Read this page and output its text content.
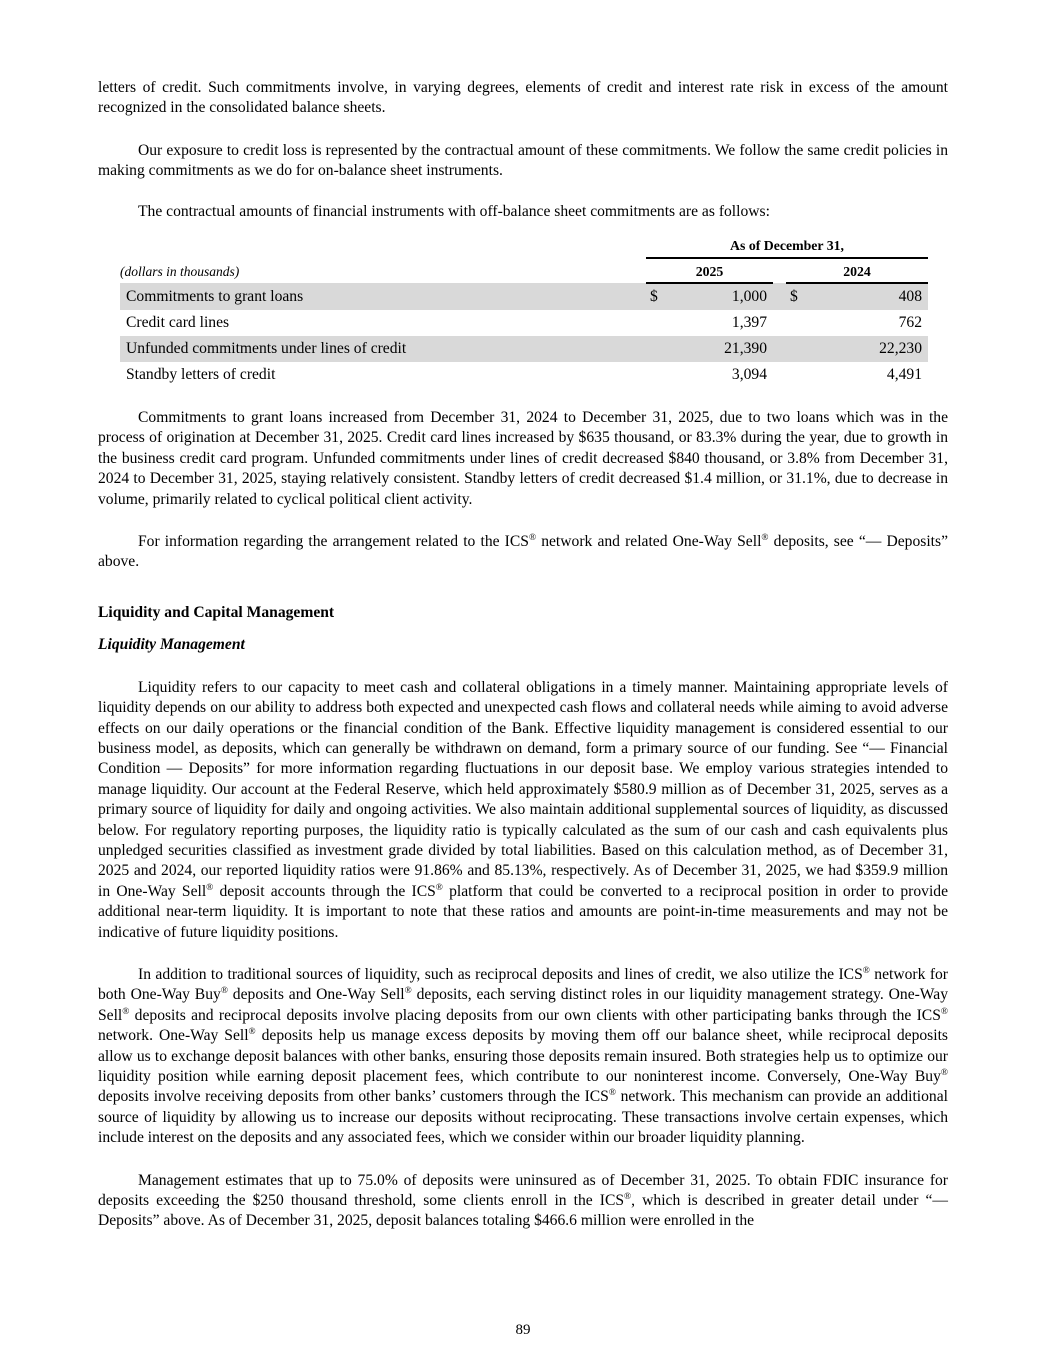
letters of credit. Such commitments involve, in varying degrees, elements of credit and interest rate risk in excess of the amount recognized in the consolidated balance sheets.

Our exposure to credit loss is represented by the contractual amount of these commitments. We follow the same credit policies in making commitments as we do for on-balance sheet instruments.

The contractual amounts of financial instruments with off-balance sheet commitments are as follows:

	As of December 31,				
(dollars in thousands)	2025			2024	
Commitments to grant loans	$	1,000		$	408
Credit card lines		1,397			762
Unfunded commitments under lines of credit		21,390			22,230
Standby letters of credit		3,094			4,491

Commitments to grant loans increased from December 31, 2024 to December 31, 2025, due to two loans which was in the process of origination at December 31, 2025. Credit card lines increased by $635 thousand, or 83.3% during the year, due to growth in the business credit card program. Unfunded commitments under lines of credit decreased $840 thousand, or 3.8% from December 31, 2024 to December 31, 2025, staying relatively consistent. Standby letters of credit decreased $1.4 million, or 31.1%, due to decrease in volume, primarily related to cyclical political client activity.

For information regarding the arrangement related to the ICS® network and related One-Way Sell® deposits, see “— Deposits” above.

Liquidity and Capital Management
Liquidity Management

Liquidity refers to our capacity to meet cash and collateral obligations in a timely manner. Maintaining appropriate levels of liquidity depends on our ability to address both expected and unexpected cash flows and collateral needs while aiming to avoid adverse effects on our daily operations or the financial condition of the Bank. Effective liquidity management is considered essential to our business model, as deposits, which can generally be withdrawn on demand, form a primary source of our funding. See “— Financial Condition — Deposits” for more information regarding fluctuations in our deposit base. We employ various strategies intended to manage liquidity. Our account at the Federal Reserve, which held approximately $580.9 million as of December 31, 2025, serves as a primary source of liquidity for daily and ongoing activities. We also maintain additional supplemental sources of liquidity, as discussed below. For regulatory reporting purposes, the liquidity ratio is typically calculated as the sum of our cash and cash equivalents plus unpledged securities classified as investment grade divided by total liabilities. Based on this calculation method, as of December 31, 2025 and 2024, our reported liquidity ratios were 91.86% and 85.13%, respectively. As of December 31, 2025, we had $359.9 million in One-Way Sell® deposit accounts through the ICS® platform that could be converted to a reciprocal position in order to provide additional near-term liquidity. It is important to note that these ratios and amounts are point-in-time measurements and may not be indicative of future liquidity positions.

In addition to traditional sources of liquidity, such as reciprocal deposits and lines of credit, we also utilize the ICS® network for both One-Way Buy® deposits and One-Way Sell® deposits, each serving distinct roles in our liquidity management strategy. One-Way Sell® deposits and reciprocal deposits involve placing deposits from our own clients with other participating banks through the ICS® network. One-Way Sell® deposits help us manage excess deposits by moving them off our balance sheet, while reciprocal deposits allow us to exchange deposit balances with other banks, ensuring those deposits remain insured. Both strategies help us to optimize our liquidity position while earning deposit placement fees, which contribute to our noninterest income. Conversely, One-Way Buy® deposits involve receiving deposits from other banks’ customers through the ICS® network. This mechanism can provide an additional source of liquidity by allowing us to increase our deposits without reciprocating. These transactions involve certain expenses, which include interest on the deposits and any associated fees, which we consider within our broader liquidity planning.

Management estimates that up to 75.0% of deposits were uninsured as of December 31, 2025. To obtain FDIC insurance for deposits exceeding the $250 thousand threshold, some clients enroll in the ICS®, which is described in greater detail under “— Deposits” above. As of December 31, 2025, deposit balances totaling $466.6 million were enrolled in the

89
